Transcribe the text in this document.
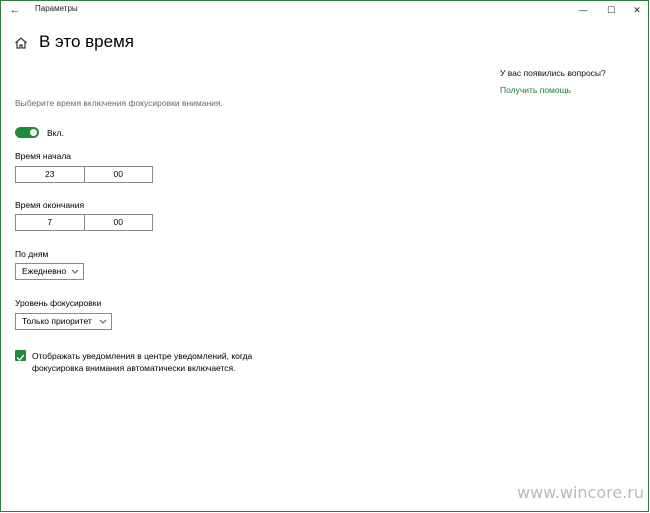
←	Параметры	—	☐	✕
В это время
У вас появились вопросы?
Получить помощь
Выберите время включения фокусировки внимания.
Вкл.
Время начала
23	00
Время окончания
7	00
По дням
Ежедневно
Уровень фокусировки
Только приоритет
Отображать уведомления в центре уведомлений, когда
фокусировка внимания автоматически включается.
www.wincore.ru
